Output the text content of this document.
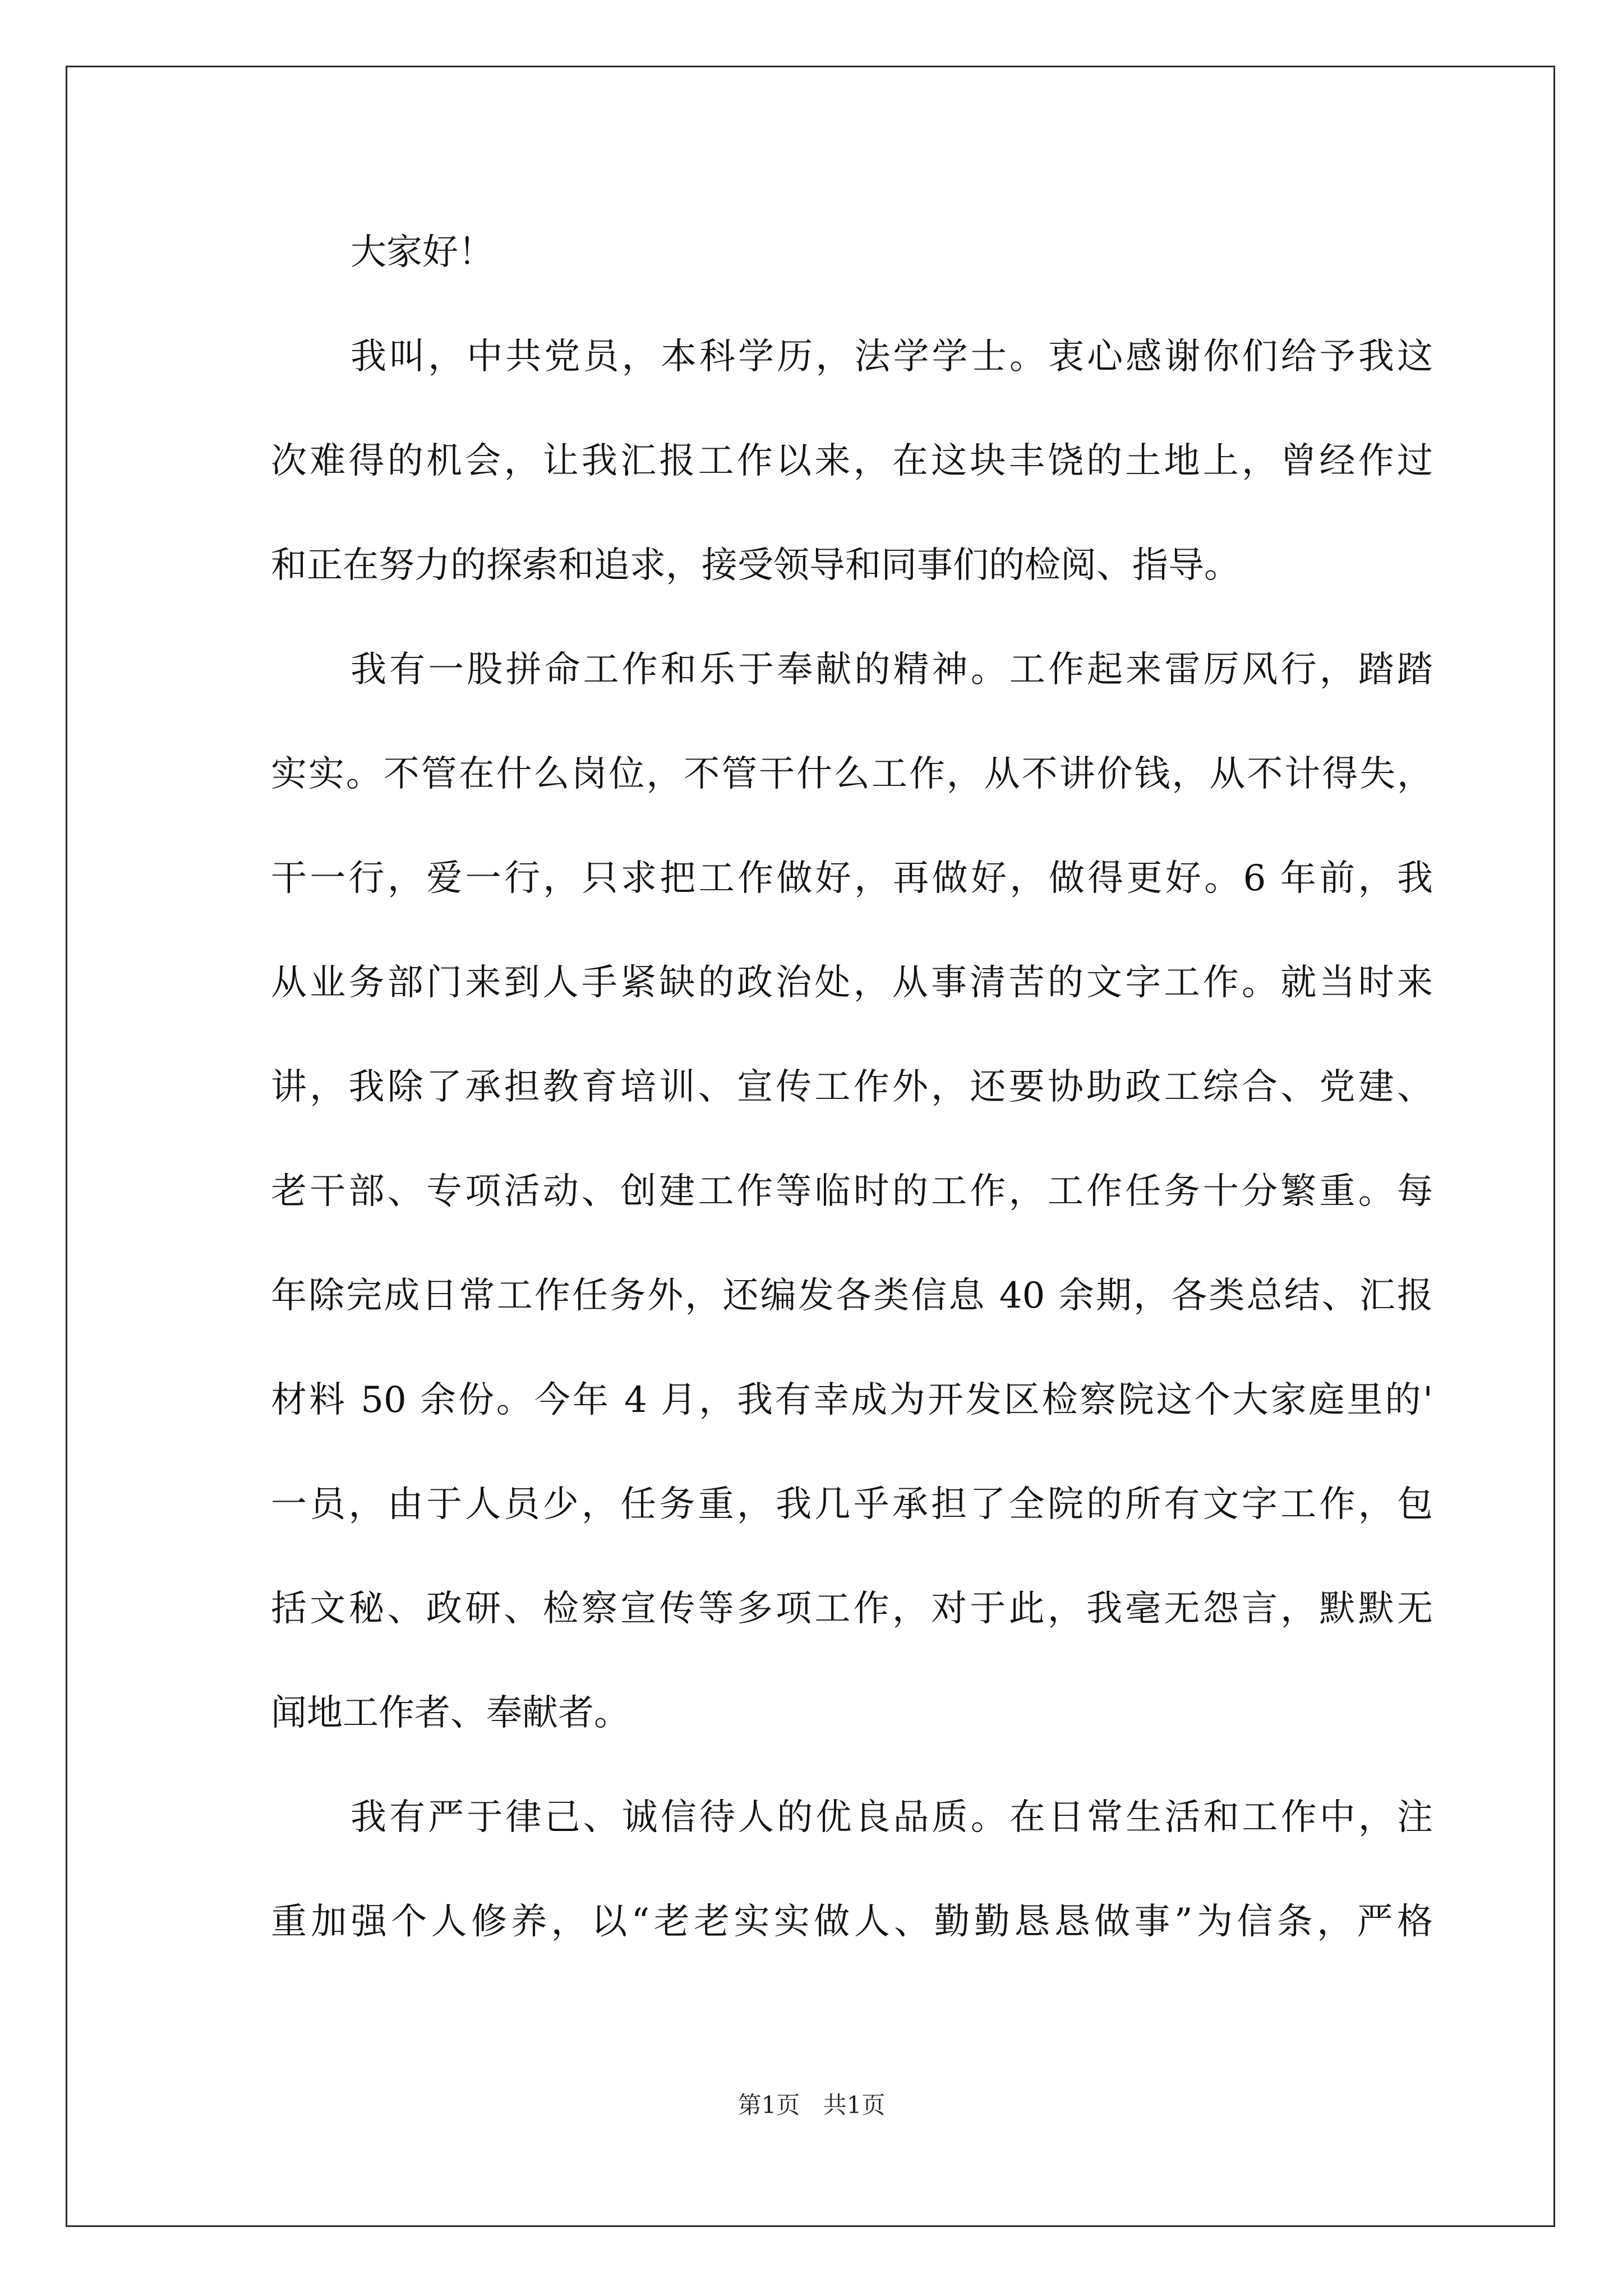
大家好！
我叫，中共党员，本科学历，法学学士。衷心感谢你们给予我这
次难得的机会，让我汇报工作以来，在这块丰饶的土地上，曾经作过
和正在努力的探索和追求，接受领导和同事们的检阅、指导。
我有一股拼命工作和乐于奉献的精神。工作起来雷厉风行，踏踏
实实。不管在什么岗位，不管干什么工作，从不讲价钱，从不计得失，
干一行，爱一行，只求把工作做好，再做好，做得更好。6 年前，我
从业务部门来到人手紧缺的政治处，从事清苦的文字工作。就当时来
讲，我除了承担教育培训、宣传工作外，还要协助政工综合、党建、
老干部、专项活动、创建工作等临时的工作，工作任务十分繁重。每
年除完成日常工作任务外，还编发各类信息 40 余期，各类总结、汇报
材料 50 余份。今年 4 月，我有幸成为开发区检察院这个大家庭里的'
一员，由于人员少，任务重，我几乎承担了全院的所有文字工作，包
括文秘、政研、检察宣传等多项工作，对于此，我毫无怨言，默默无
闻地工作者、奉献者。
我有严于律己、诚信待人的优良品质。在日常生活和工作中，注
重加强个人修养，以“老老实实做人、勤勤恳恳做事”为信条，严格
第1页 共1页
